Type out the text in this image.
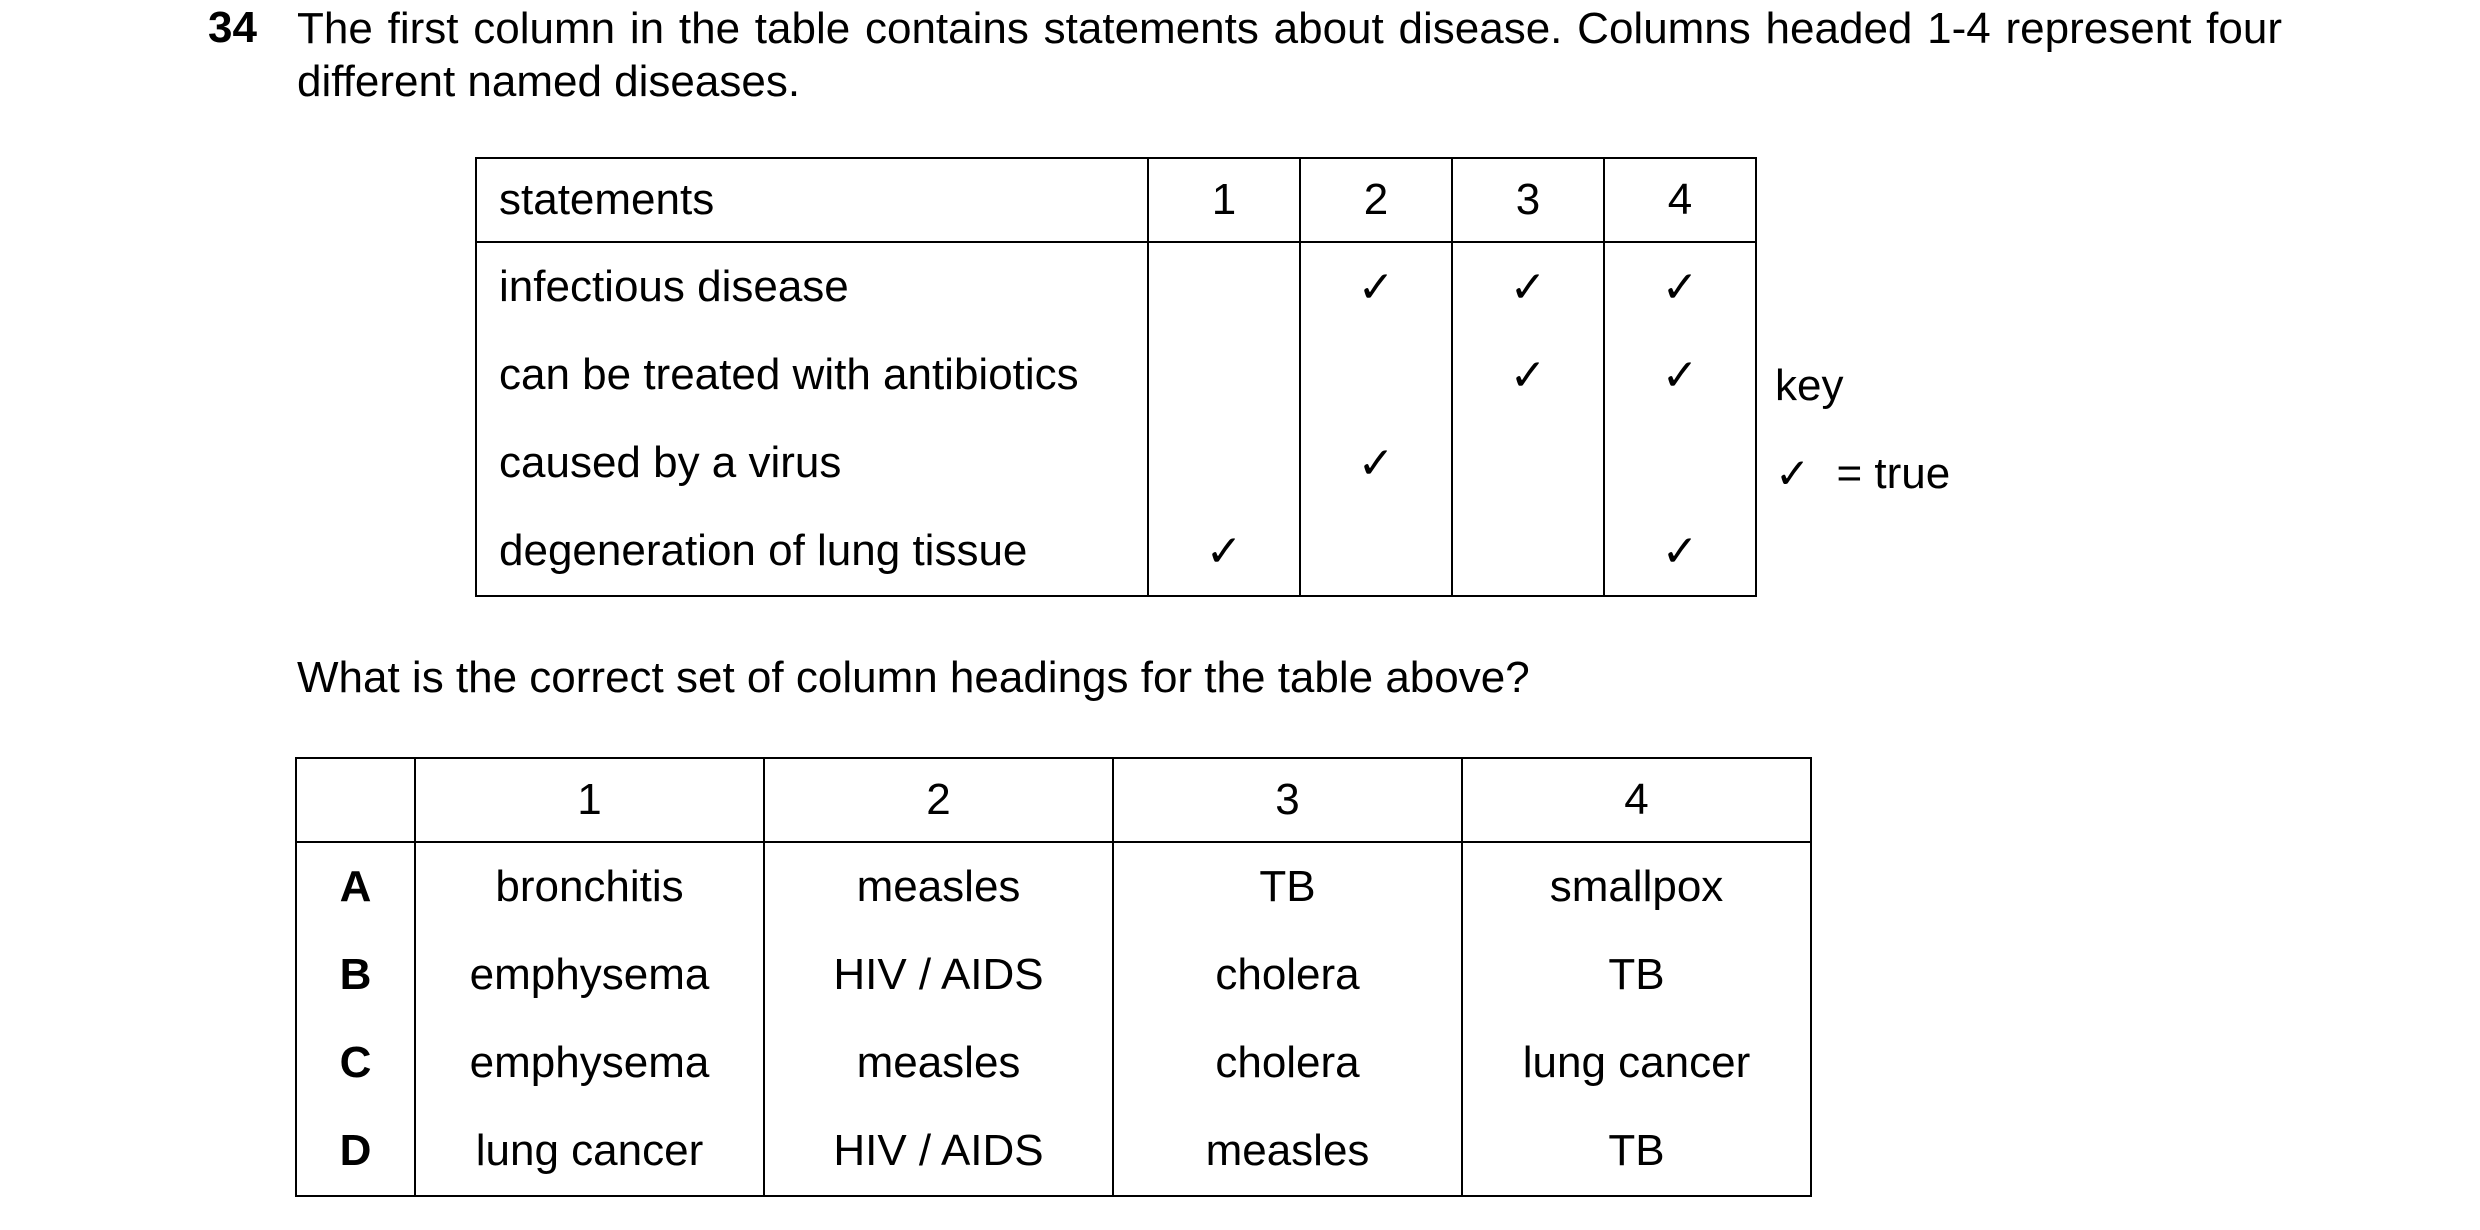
34 The first column in the table contains statements about disease. Columns headed 1-4 represent four different named diseases.
statements	1	2	3	4
infectious disease		✓	✓	✓
can be treated with antibiotics			✓	✓
caused by a virus		✓		
degeneration of lung tissue	✓			✓
key
✓ = true
What is the correct set of column headings for the table above?
	1	2	3	4
A	bronchitis	measles	TB	smallpox
B	emphysema	HIV / AIDS	cholera	TB
C	emphysema	measles	cholera	lung cancer
D	lung cancer	HIV / AIDS	measles	TB
